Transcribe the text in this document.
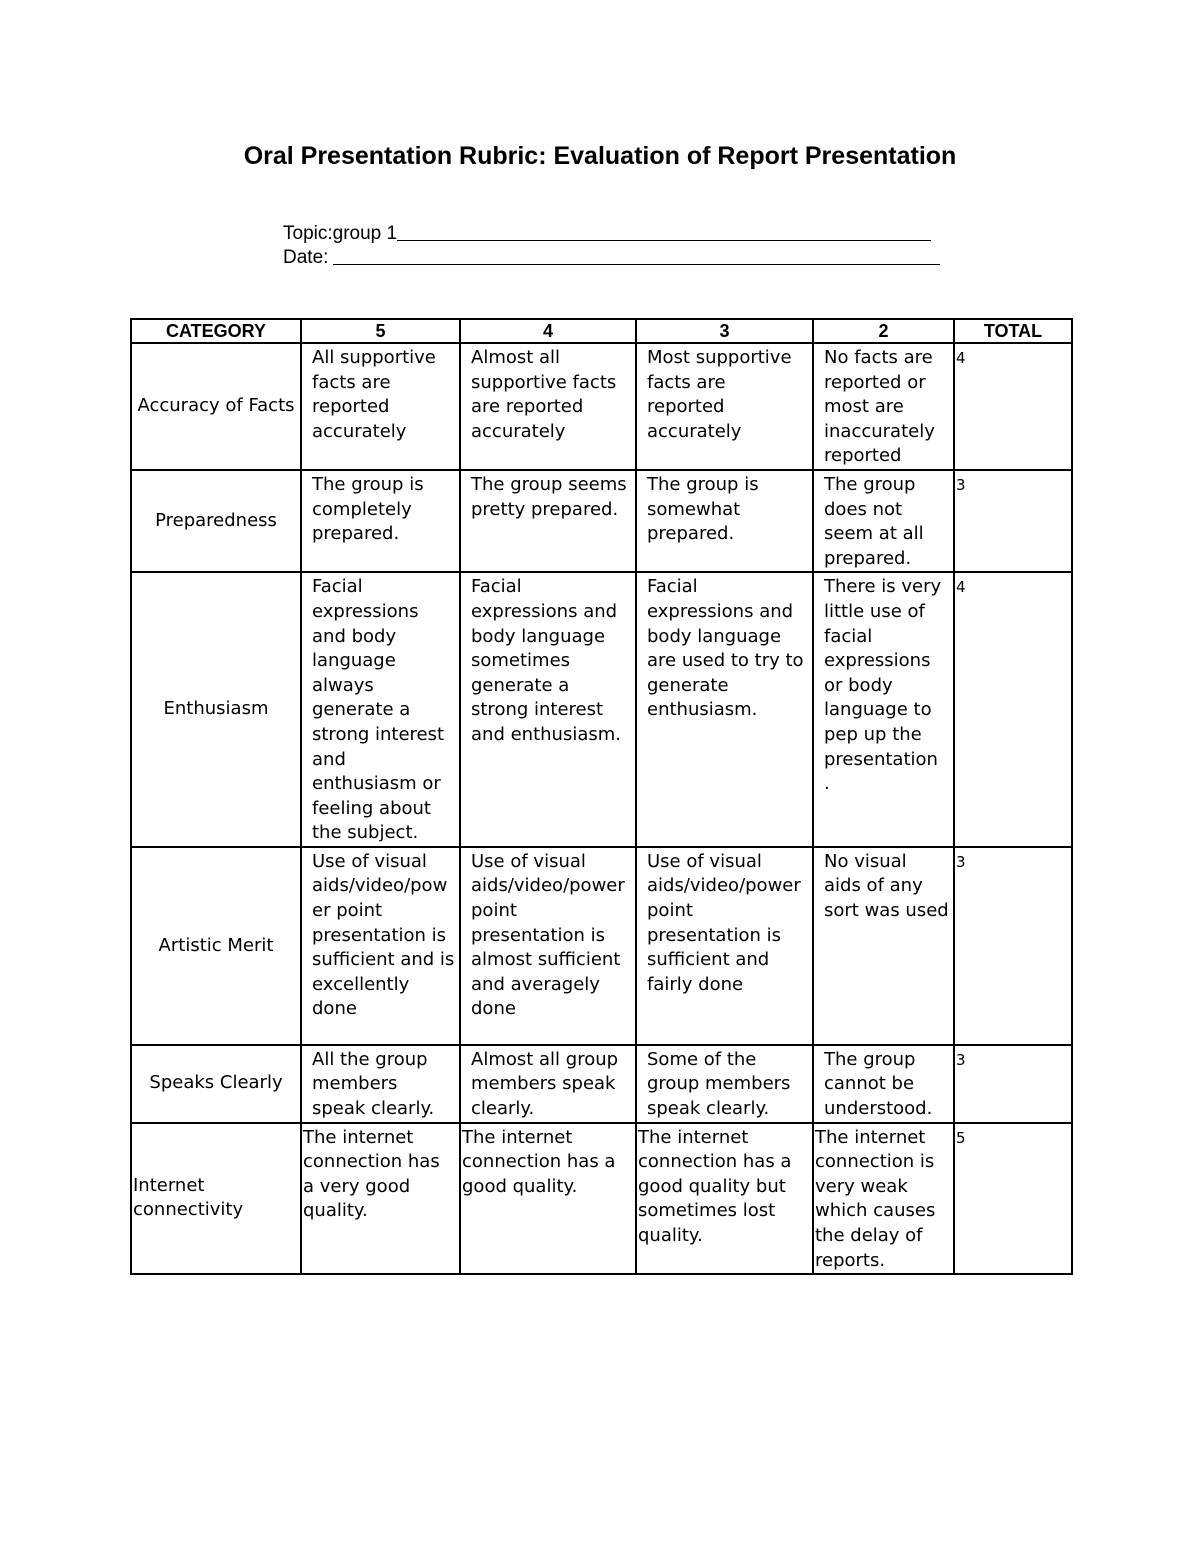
Oral Presentation Rubric: Evaluation of Report Presentation
Topic: group 1
Date:
CATEGORY	5	4	3	2	TOTAL
Accuracy of Facts	All supportive facts are reported accurately	Almost all supportive facts are reported accurately	Most supportive facts are reported accurately	No facts are reported or most are inaccurately reported	4
Preparedness	The group is completely prepared.	The group seems pretty prepared.	The group is somewhat prepared.	The group does not seem at all prepared.	3
Enthusiasm	Facial expressions and body language always generate a strong interest and enthusiasm or feeling about the subject.	Facial expressions and body language sometimes generate a strong interest and enthusiasm.	Facial expressions and body language are used to try to generate enthusiasm.	There is very little use of facial expressions or body language to pep up the presentation .	4
Artistic Merit	Use of visual aids/video/power point presentation is sufficient and is excellently done	Use of visual aids/video/power point presentation is almost sufficient and averagely done	Use of visual aids/video/power point presentation is sufficient and fairly done	No visual aids of any sort was used	3
Speaks Clearly	All the group members speak clearly.	Almost all group members speak clearly.	Some of the group members speak clearly.	The group cannot be understood.	3
Internet connectivity	The internet connection has a very good quality.	The internet connection has a good quality.	The internet connection has a good quality but sometimes lost quality.	The internet connection is very weak which causes the delay of reports.	5
